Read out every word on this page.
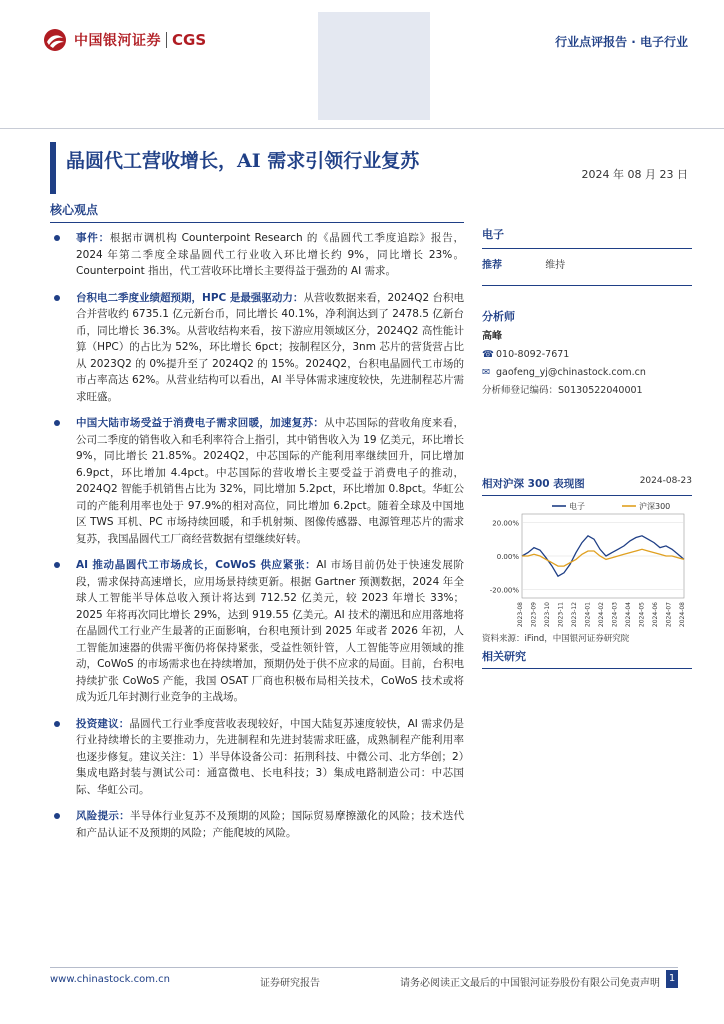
中国银河证券 CGS	行业点评报告 · 电子行业
晶圆代工营收增长，AI 需求引领行业复苏
2024 年 08 月 23 日
核心观点
事件：根据市调机构 Counterpoint Research 的《晶圆代工季度追踪》报告，2024 年第二季度全球晶圆代工行业收入环比增长约 9%，同比增长 23%。Counterpoint 指出，代工营收环比增长主要得益于强劲的 AI 需求。
台积电二季度业绩超预期，HPC 是最强驱动力：从营收数据来看，2024Q2 台积电合并营收约 6735.1 亿元新台币，同比增长 40.1%，净利润达到了 2478.5 亿新台币，同比增长 36.3%。从营收结构来看，按下游应用领域区分，2024Q2 高性能计算（HPC）的占比为 52%，环比增长 6pct；按制程区分，3nm 芯片的营货营占比从 2023Q2 的 0%提升至了 2024Q2 的 15%。2024Q2，台积电晶圆代工市场的市占率高达 62%。从营业结构可以看出，AI 半导体需求速度较快，先进制程芯片需求旺盛。
中国大陆市场受益于消费电子需求回暖，加速复苏：从中芯国际的营收角度来看，公司二季度的销售收入和毛利率符合上指引，其中销售收入为 19 亿美元，环比增长 9%，同比增长 21.85%。2024Q2，中芯国际的产能利用率继续回升，同比增加 6.9pct，环比增加 4.4pct。中芯国际的营收增长主要受益于消费电子的推动，2024Q2 智能手机销售占比为 32%，同比增加 5.2pct，环比增加 0.8pct。华虹公司的产能利用率也处于 97.9%的相对高位，同比增加 6.2pct。随着全球及中国地区 TWS 耳机、PC 市场持续回暖，和手机射频、图像传感器、电源管理芯片的需求复苏，我国晶圆代工厂商经营数据有望继续好转。
AI 推动晶圆代工市场成长，CoWoS 供应紧张：AI 市场目前仍处于快速发展阶段，需求保持高速增长，应用场景持续更新。根据 Gartner 预测数据，2024 年全球人工智能半导体总收入预计将达到 712.52 亿美元，较 2023 年增长 33%；2025 年将再次同比增长 29%，达到 919.55 亿美元。AI 技术的潮迅和应用落地将在晶圆代工行业产生最著的正面影响，台积电预计到 2025 年或者 2026 年初，人工智能加速器的供需平衡仍将保持紧张，受益性领针管，人工智能等应用领域的推动，CoWoS 的市场需求也在持续增加，预期仍处于供不应求的局面。目前，台积电持续扩张 CoWoS 产能，我国 OSAT 厂商也积极布局相关技术，CoWoS 技术或将成为近几年封测行业竞争的主战场。
投资建议：晶圆代工行业季度营收表现较好，中国大陆复苏速度较快，AI 需求仍是行业持续增长的主要推动力，先进制程和先进封装需求旺盛，成熟制程产能利用率也逐步修复。建议关注：1）半导体设备公司：拓荆科技、中微公司、北方华创；2）集成电路封装与测试公司：通富微电、长电科技；3）集成电路制造公司：中芯国际、华虹公司。
风险提示：半导体行业复苏不及预期的风险；国际贸易摩擦激化的风险；技术迭代和产品认证不及预期的风险；产能爬坡的风险。
电子
推荐	维持
分析师
高峰
☎ 010-8092-7671
✉ gaofeng_yj@chinastock.com.cn
分析师登记编码：S0130522040001
相对沪深 300 表现图	2024-08-23
20.00%
0.00%
-20.00%
2023-08 2023-09 2023-10 2023-11 2023-12 2024-01 2024-02 2024-03 2024-04 2024-05 2024-06 2024-07 2024-08
电子	沪深300
资料来源：iFind，中国银河证券研究院
相关研究
www.chinastock.com.cn	证券研究报告	请务必阅读正文最后的中国银河证券股份有限公司免责声明 1
